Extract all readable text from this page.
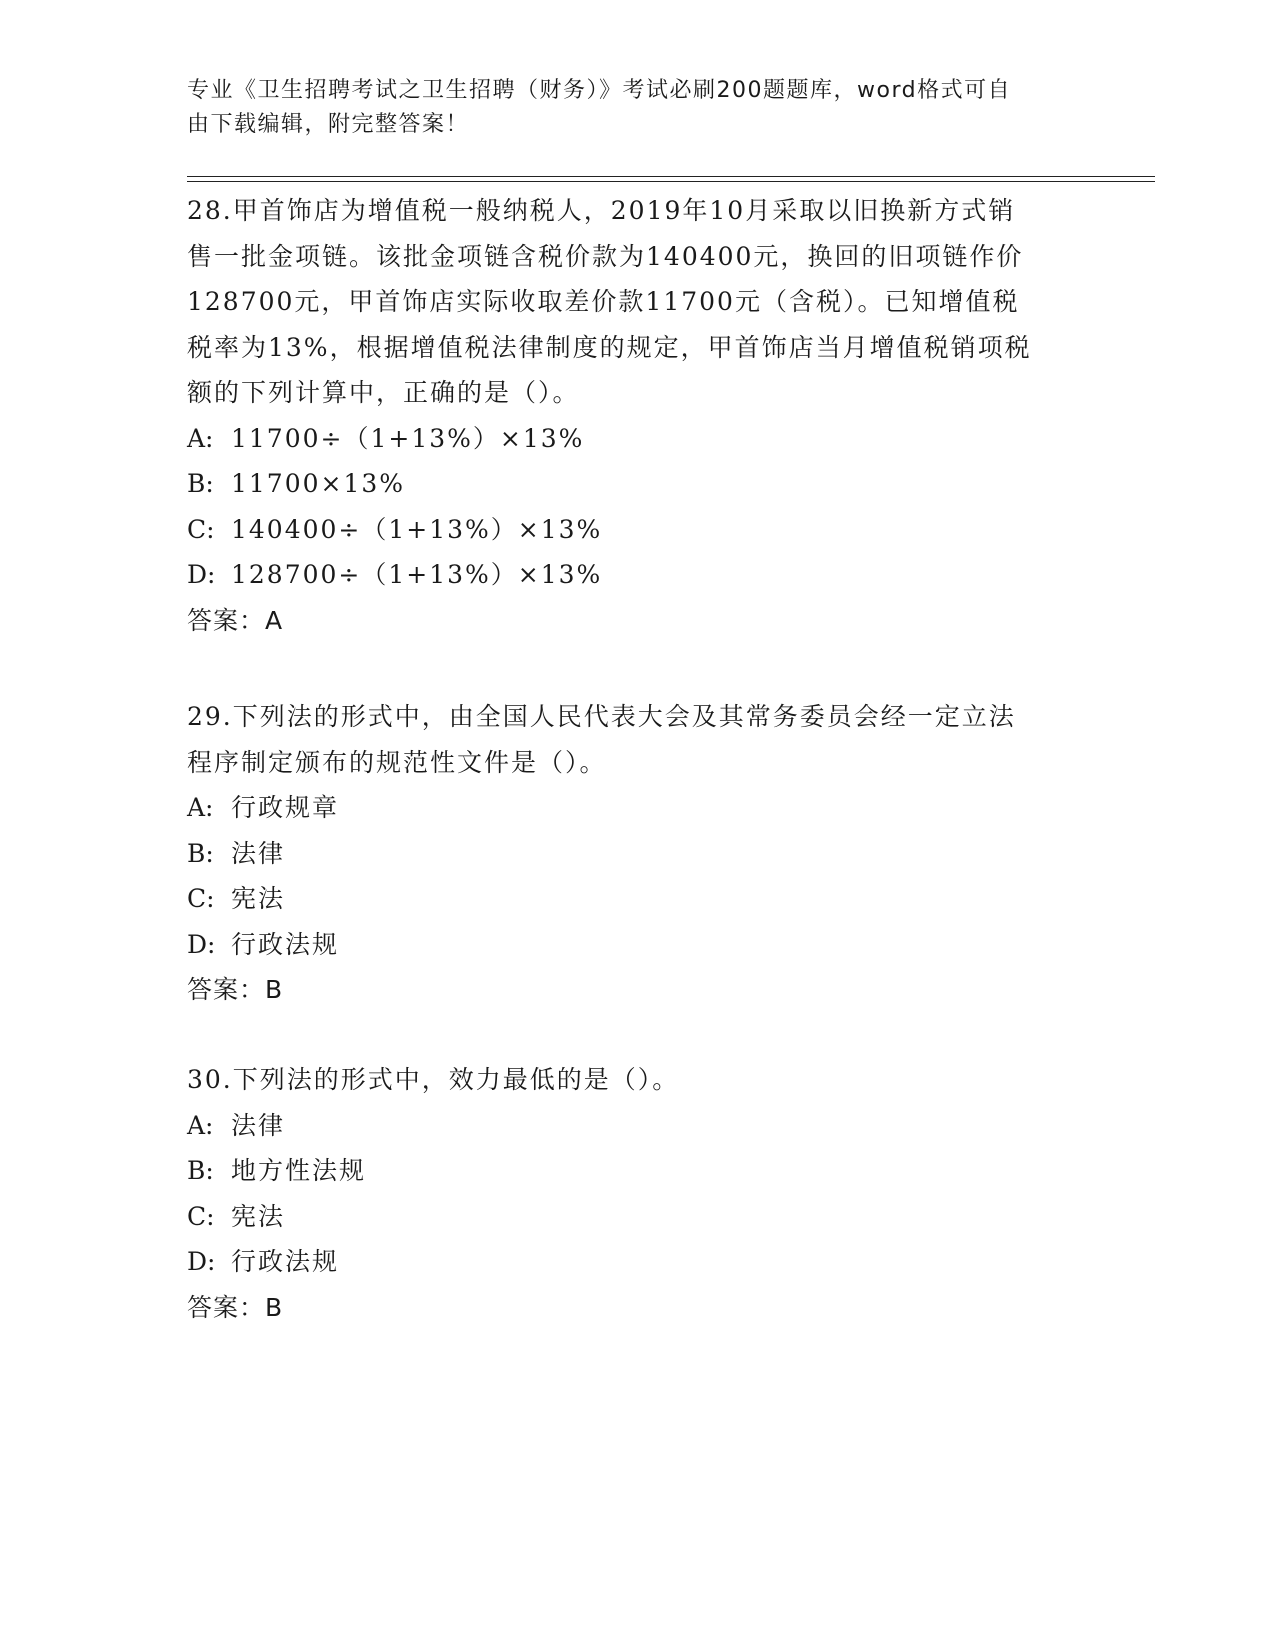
专业《卫生招聘考试之卫生招聘（财务）》考试必刷200题题库，word格式可自
由下载编辑，附完整答案！
28.甲首饰店为增值税一般纳税人，2019年10月采取以旧换新方式销
售一批金项链。该批金项链含税价款为140400元，换回的旧项链作价
128700元，甲首饰店实际收取差价款11700元（含税）。已知增值税
税率为13%，根据增值税法律制度的规定，甲首饰店当月增值税销项税
额的下列计算中，正确的是（）。
A: 11700÷（1+13%）×13%
B: 11700×13%
C: 140400÷（1+13%）×13%
D: 128700÷（1+13%）×13%
答案：A
29.下列法的形式中，由全国人民代表大会及其常务委员会经一定立法
程序制定颁布的规范性文件是（）。
A: 行政规章
B: 法律
C: 宪法
D: 行政法规
答案：B
30.下列法的形式中，效力最低的是（）。
A: 法律
B: 地方性法规
C: 宪法
D: 行政法规
答案：B
